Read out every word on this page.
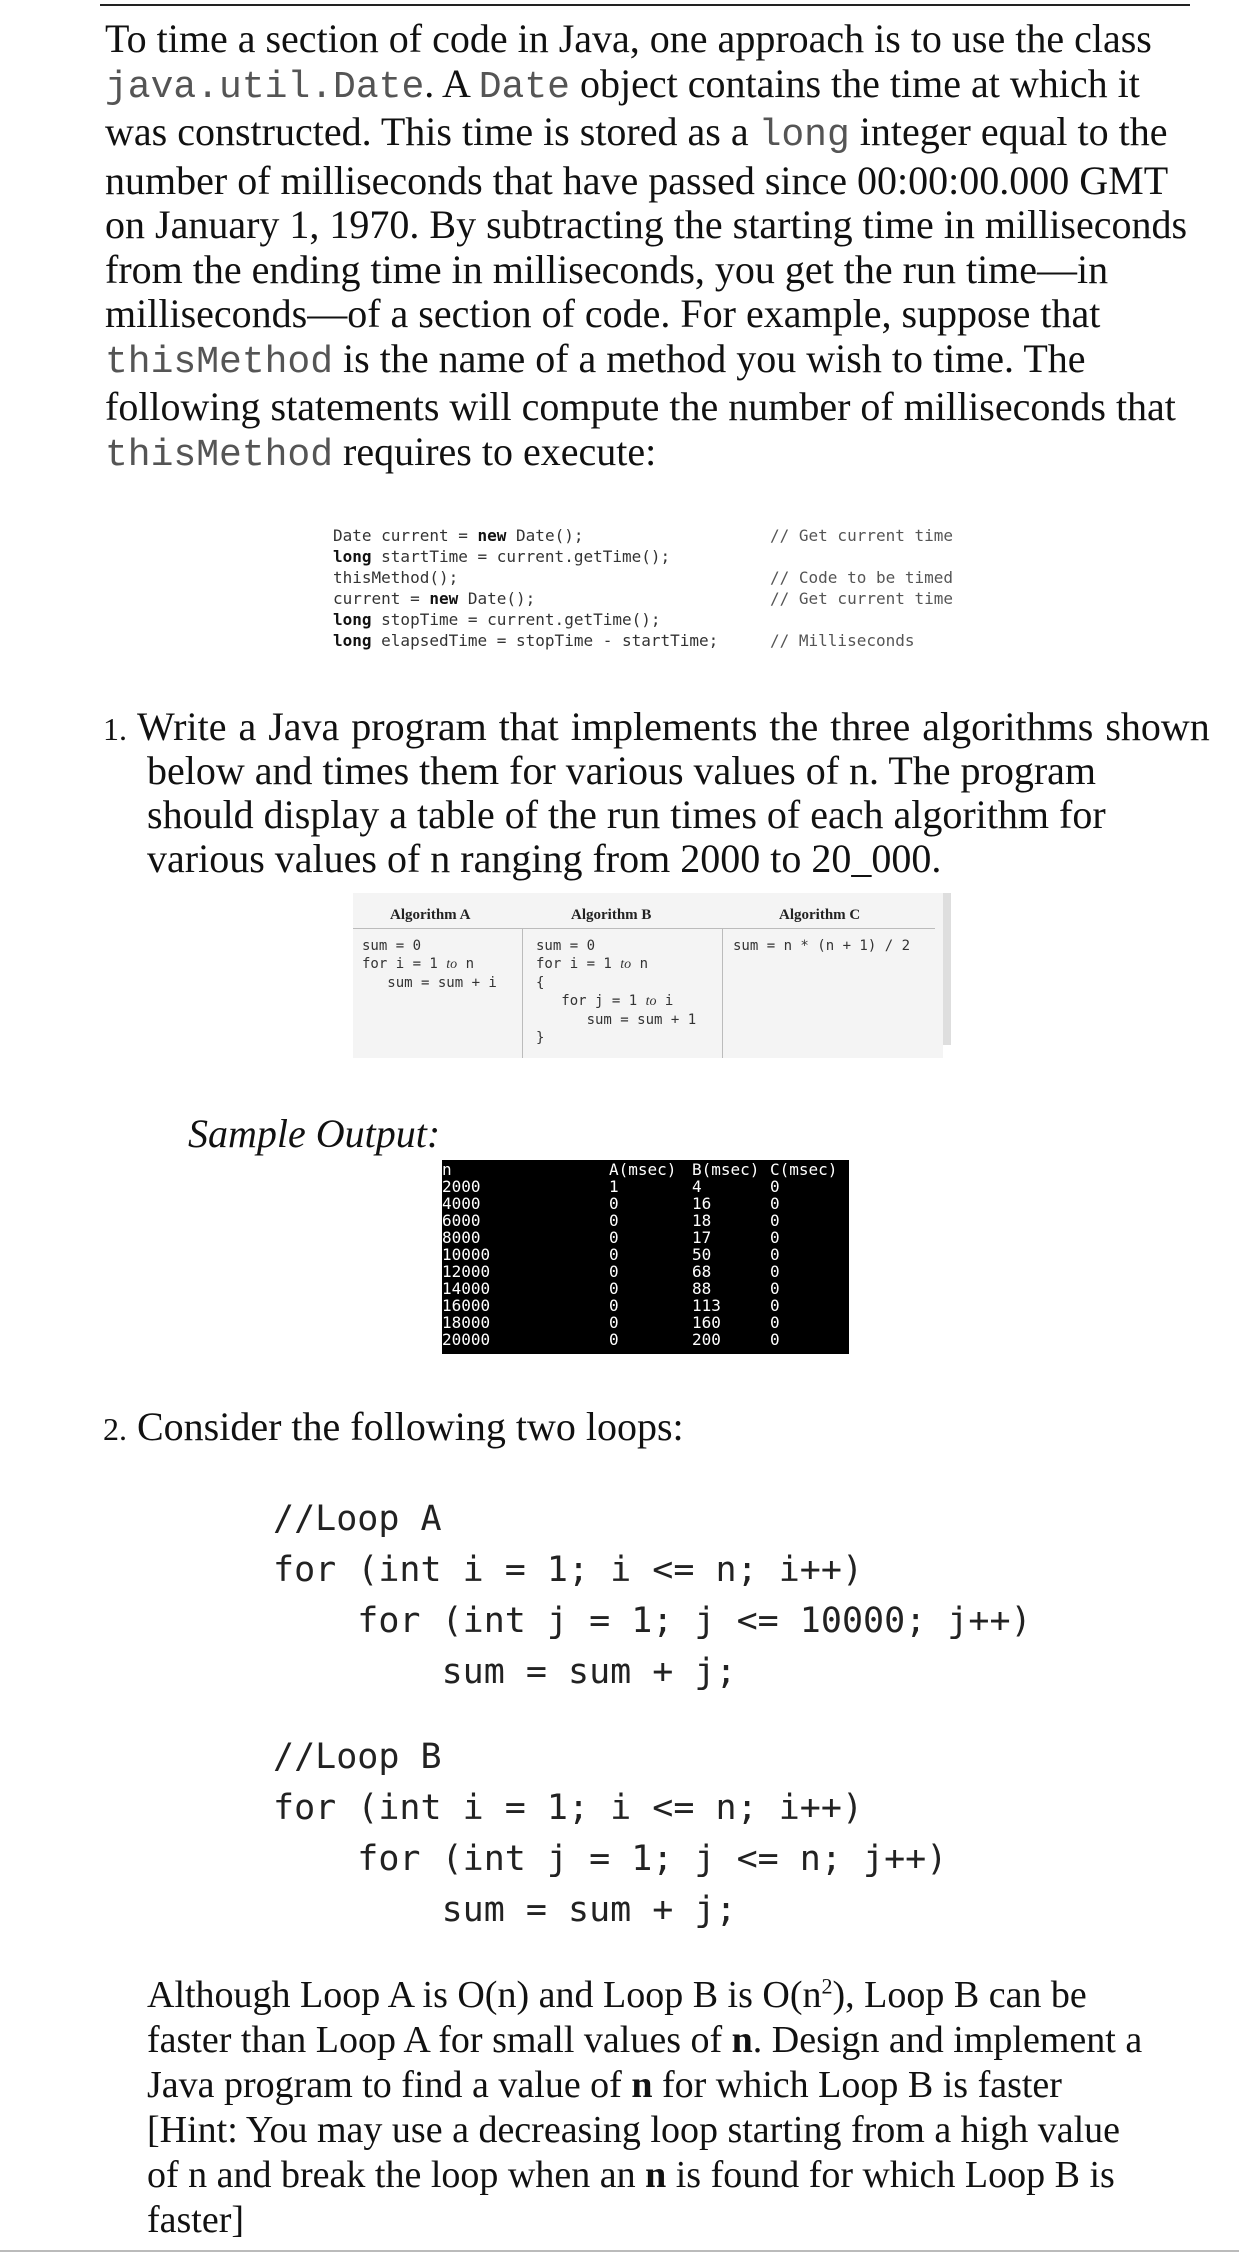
To time a section of code in Java, one approach is to use the class
java.util.Date. A Date object contains the time at which it
was constructed. This time is stored as a long integer equal to the
number of milliseconds that have passed since 00:00:00.000 GMT
on January 1, 1970. By subtracting the starting time in milliseconds
from the ending time in milliseconds, you get the run time—in
milliseconds—of a section of code. For example, suppose that
thisMethod is the name of a method you wish to time. The
following statements will compute the number of milliseconds that
thisMethod requires to execute:
Date current = new Date();
long startTime = current.getTime();
thisMethod();
current = new Date();
long stopTime = current.getTime();
long elapsedTime = stopTime - startTime;
// Get current time

// Code to be timed
// Get current time

// Milliseconds
1. Write a Java program that implements the three algorithms shown
below and times them for various values of n. The program
should display a table of the run times of each algorithm for
various values of n ranging from 2000 to 20_000.
Algorithm A	Algorithm B	Algorithm C
sum = 0
for i = 1 to n
sum = sum + i
sum = 0
for i = 1 to n
{
for j = 1 to i
sum = sum + 1
}
sum = n * (n + 1) / 2
Sample Output:
n
2000
4000
6000
8000
10000
12000
14000
16000
18000
20000
A(msec)
1
0
0
0
0
0
0
0
0
0
B(msec)
4
16
18
17
50
68
88
113
160
200
C(msec)
0
0
0
0
0
0
0
0
0
0
2. Consider the following two loops:
//Loop A
for (int i = 1; i <= n; i++)
for (int j = 1; j <= 10000; j++)
sum = sum + j;
//Loop B
for (int i = 1; i <= n; i++)
for (int j = 1; j <= n; j++)
sum = sum + j;
Although Loop A is O(n) and Loop B is $O(n^2)$, Loop B can be
faster than Loop A for small values of n. Design and implement a
Java program to find a value of n for which Loop B is faster
[Hint: You may use a decreasing loop starting from a high value
of n and break the loop when an n is found for which Loop B is
faster]
